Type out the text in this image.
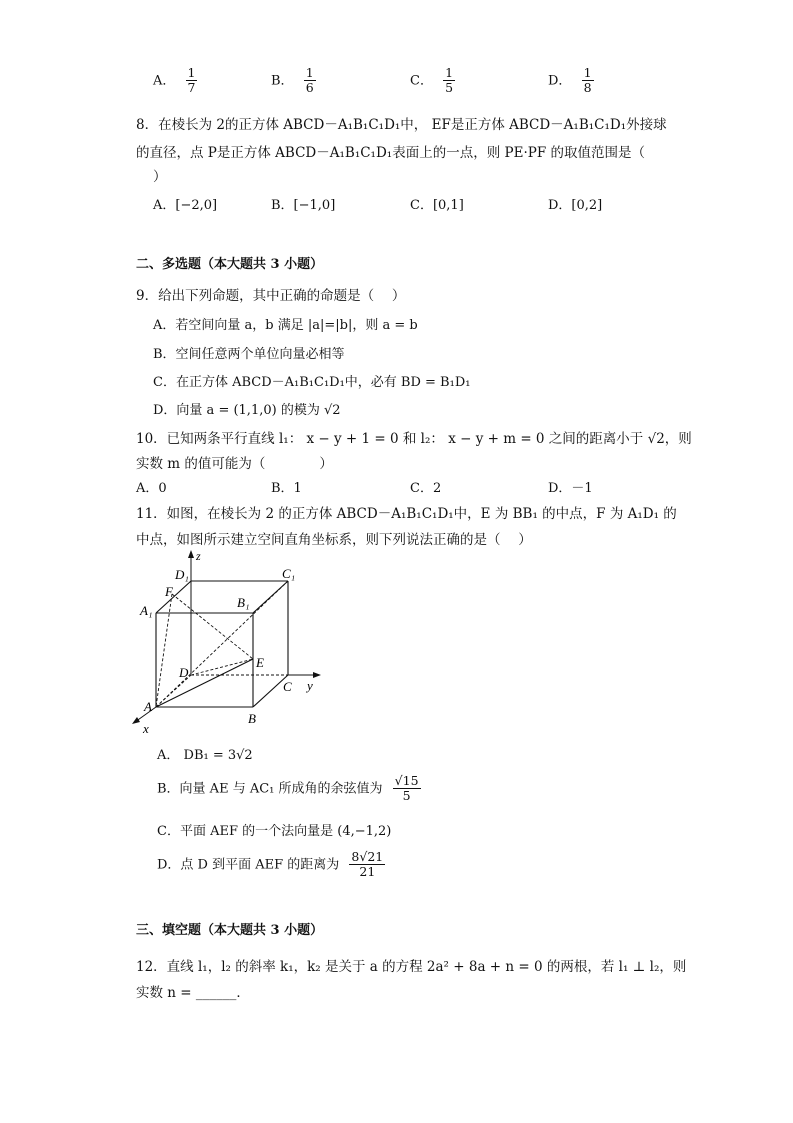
A． $\frac{1}{7}$	B． $\frac{1}{6}$	C． $\frac{1}{5}$	D． $\frac{1}{8}$
8．在棱长为 2的正方体 ABCD－A₁B₁C₁D₁中， EF是正方体 ABCD－A₁B₁C₁D₁外接球
的直径，点 P是正方体 ABCD－A₁B₁C₁D₁表面上的一点，则 PE·PF 的取值范围是（
）
A．[−2,0]	B．[−1,0]	C．[0,1]	D．[0,2]
二、多选题（本大题共 3 小题）
9．给出下列命题，其中正确的命题是（　 ）
A．若空间向量 a，b 满足 |a|=|b|，则 a = b
B．空间任意两个单位向量必相等
C．在正方体 ABCD－A₁B₁C₁D₁中，必有 BD = B₁D₁
D．向量 a = (1,1,0) 的模为 √2
10．已知两条平行直线 l₁： x − y + 1 = 0 和 l₂： x − y + m = 0 之间的距离小于 √2，则
实数 m 的值可能为（　　　　）
A．0	B．1	C．2	D．－1
11．如图，在棱长为 2 的正方体 ABCD－A₁B₁C₁D₁中，E 为 BB₁ 的中点，F 为 A₁D₁ 的
中点，如图所示建立空间直角坐标系，则下列说法正确的是（　 ）
z
y
x
D₁	C₁
A₁
B₁
F
E
D
C
A
B
A． DB₁ = 3√2
B．向量 AE 与 AC₁ 所成角的余弦值为 $\frac{√15}{5}$
C．平面 AEF 的一个法向量是 (4,−1,2)
D．点 D 到平面 AEF 的距离为 $\frac{8√21}{21}$
三、填空题（本大题共 3 小题）
12．直线 l₁，l₂ 的斜率 k₁，k₂ 是关于 a 的方程 2a² + 8a + n = 0 的两根，若 l₁ ⊥ l₂，则
实数 n = ______．
